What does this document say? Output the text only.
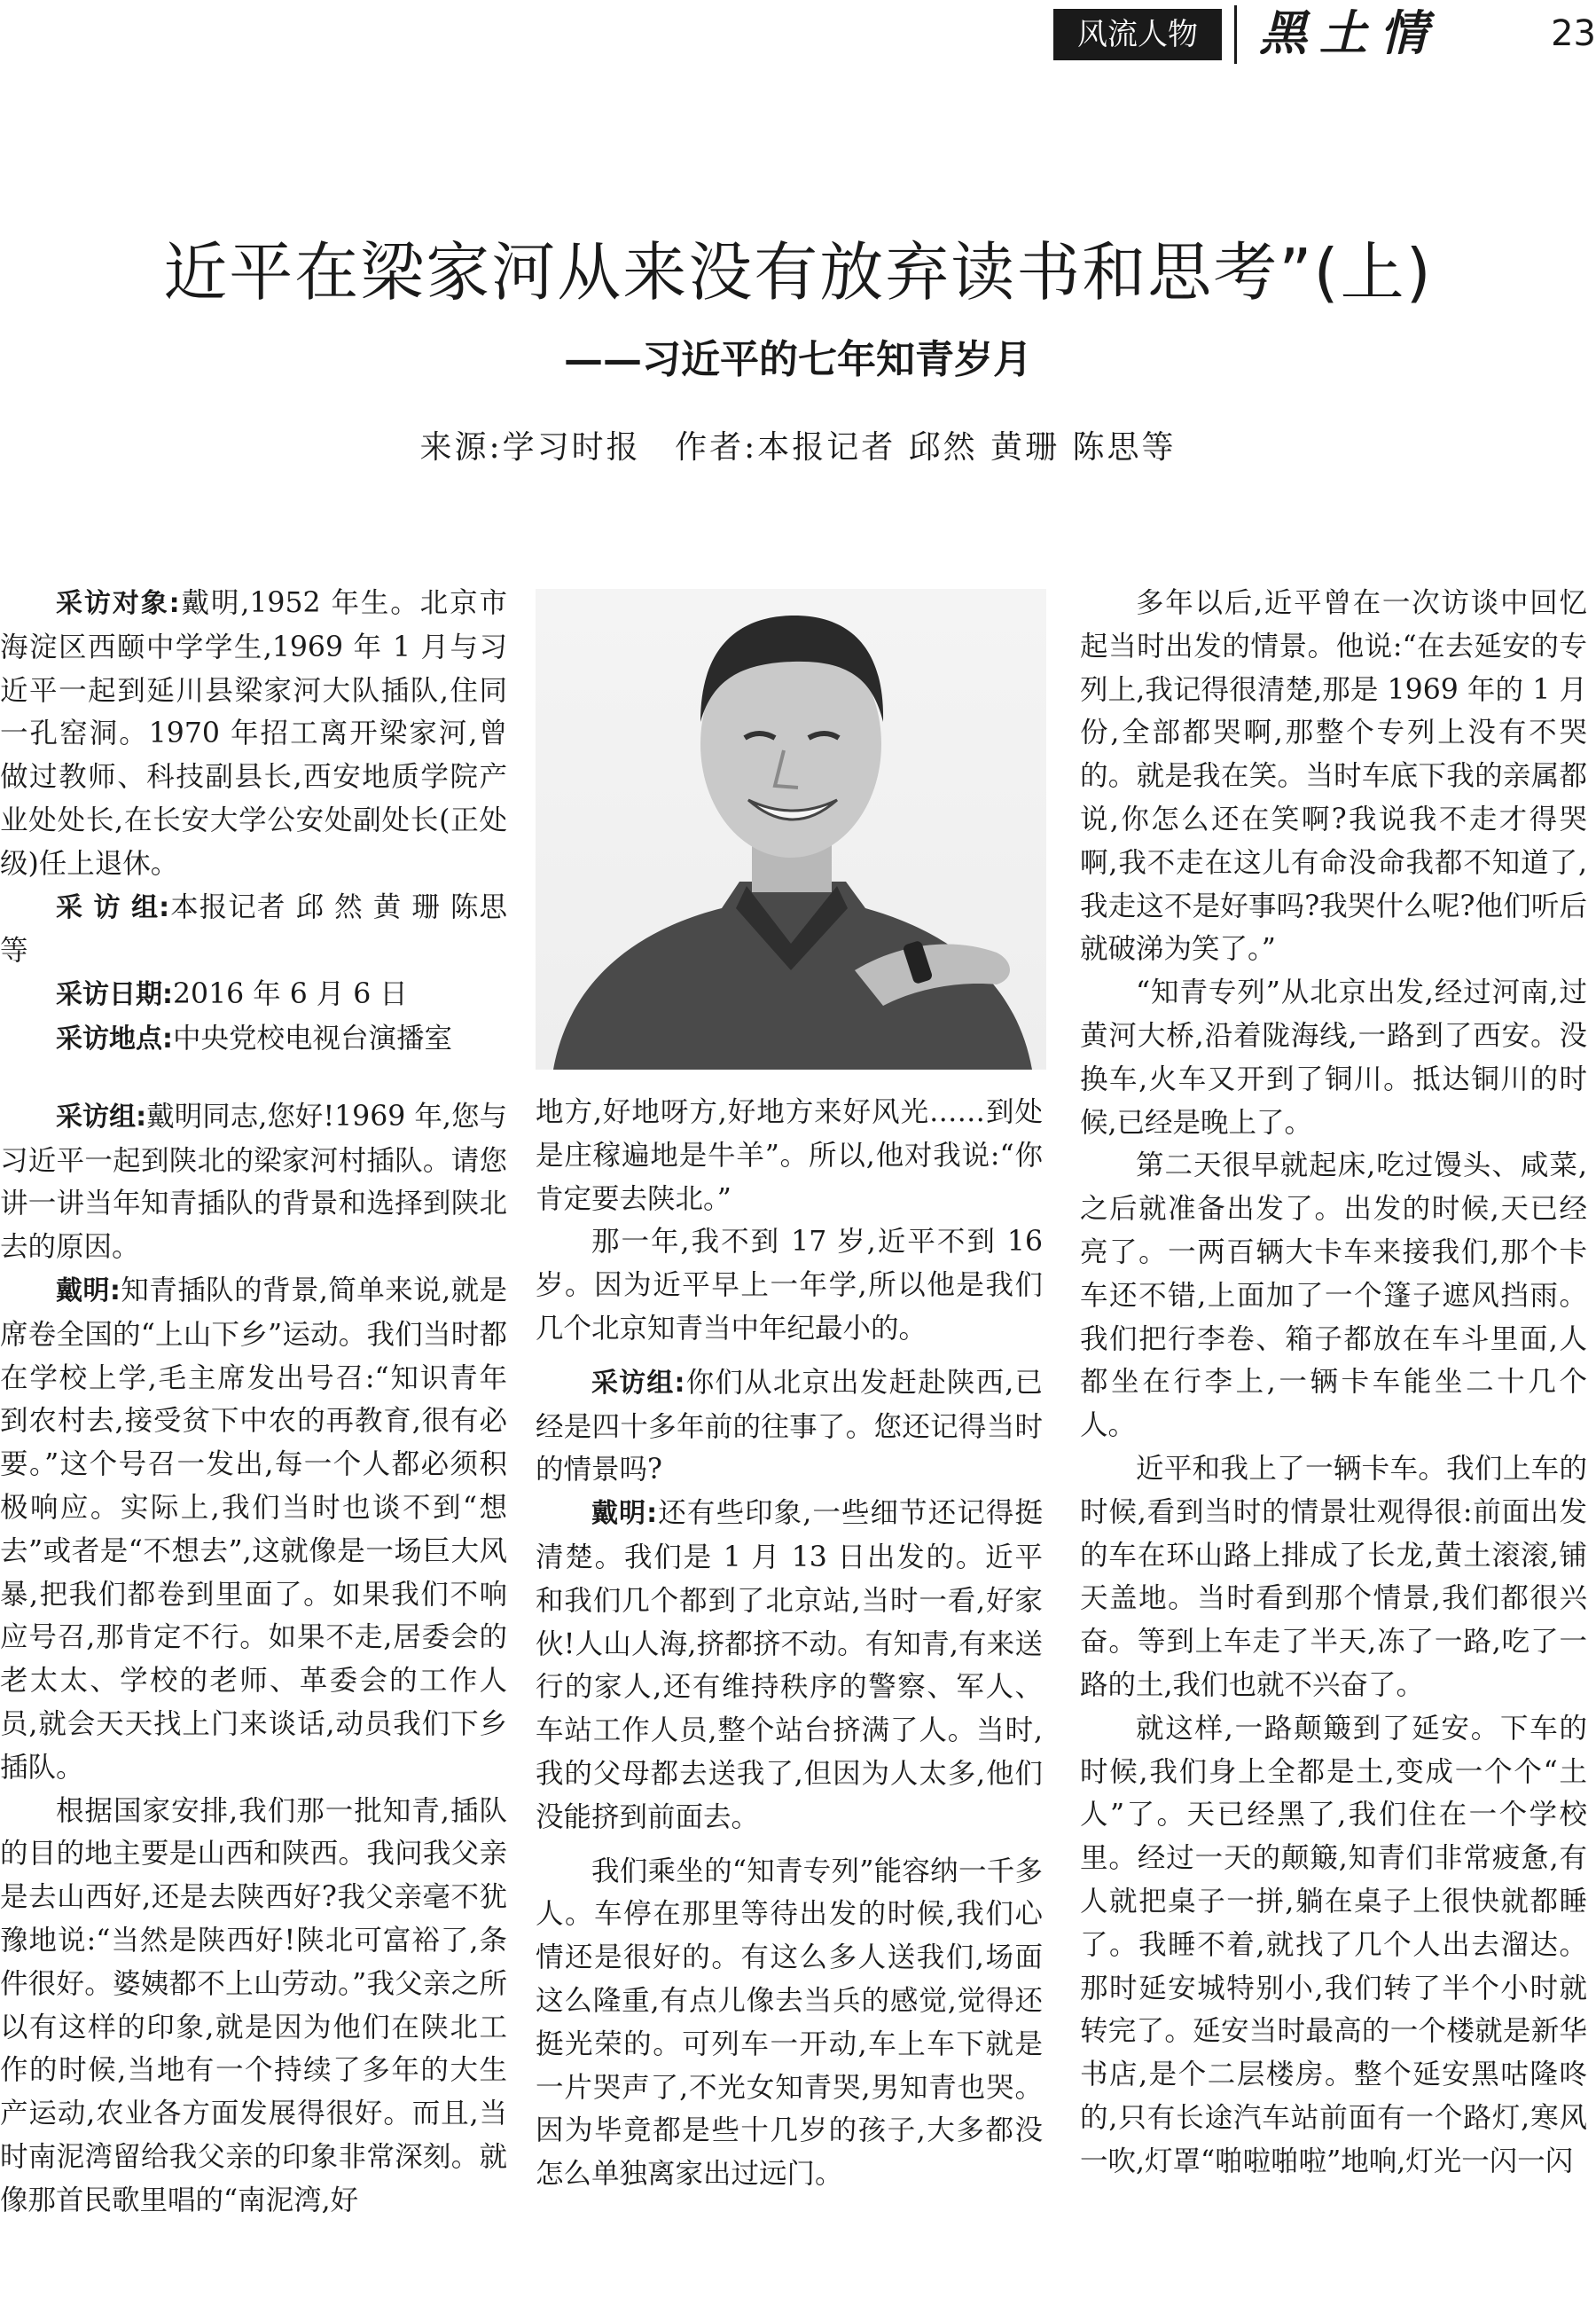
风流人物	黑土情	23
近平在梁家河从来没有放弃读书和思考”(上)
——习近平的七年知青岁月
来源:学习时报 作者:本报记者 邱然 黄珊 陈思等

采访对象:戴明,1952 年生。北京市海淀区西颐中学学生,1969 年 1 月与习近平一起到延川县梁家河大队插队,住同一孔窑洞。1970 年招工离开梁家河,曾做过教师、科技副县长,西安地质学院产业处处长,在长安大学公安处副处长(正处级)任上退休。

采 访 组:本报记者 邱 然 黄 珊 陈思 等

采访日期:2016 年 6 月 6 日

采访地点:中央党校电视台演播室

采访组:戴明同志,您好!1969 年,您与习近平一起到陕北的梁家河村插队。请您讲一讲当年知青插队的背景和选择到陕北去的原因。

戴明:知青插队的背景,简单来说,就是席卷全国的“上山下乡”运动。我们当时都在学校上学,毛主席发出号召:“知识青年到农村去,接受贫下中农的再教育,很有必要。”这个号召一发出,每一个人都必须积极响应。实际上,我们当时也谈不到“想去”或者是“不想去”,这就像是一场巨大风暴,把我们都卷到里面了。如果我们不响应号召,那肯定不行。如果不走,居委会的老太太、学校的老师、革委会的工作人员,就会天天找上门来谈话,动员我们下乡插队。

根据国家安排,我们那一批知青,插队的目的地主要是山西和陕西。我问我父亲是去山西好,还是去陕西好?我父亲毫不犹豫地说:“当然是陕西好!陕北可富裕了,条件很好。婆姨都不上山劳动。”我父亲之所以有这样的印象,就是因为他们在陕北工作的时候,当地有一个持续了多年的大生产运动,农业各方面发展得很好。而且,当时南泥湾留给我父亲的印象非常深刻。就像那首民歌里唱的“南泥湾,好

地方,好地呀方,好地方来好风光……到处是庄稼遍地是牛羊”。所以,他对我说:“你肯定要去陕北。”

那一年,我不到 17 岁,近平不到 16 岁。因为近平早上一年学,所以他是我们几个北京知青当中年纪最小的。

采访组:你们从北京出发赶赴陕西,已经是四十多年前的往事了。您还记得当时的情景吗?

戴明:还有些印象,一些细节还记得挺清楚。我们是 1 月 13 日出发的。近平和我们几个都到了北京站,当时一看,好家伙!人山人海,挤都挤不动。有知青,有来送行的家人,还有维持秩序的警察、军人、车站工作人员,整个站台挤满了人。当时,我的父母都去送我了,但因为人太多,他们没能挤到前面去。

我们乘坐的“知青专列”能容纳一千多人。车停在那里等待出发的时候,我们心情还是很好的。有这么多人送我们,场面这么隆重,有点儿像去当兵的感觉,觉得还挺光荣的。可列车一开动,车上车下就是一片哭声了,不光女知青哭,男知青也哭。因为毕竟都是些十几岁的孩子,大多都没怎么单独离家出过远门。

多年以后,近平曾在一次访谈中回忆起当时出发的情景。他说:“在去延安的专列上,我记得很清楚,那是 1969 年的 1 月份,全部都哭啊,那整个专列上没有不哭的。就是我在笑。当时车底下我的亲属都说,你怎么还在笑啊?我说我不走才得哭啊,我不走在这儿有命没命我都不知道了,我走这不是好事吗?我哭什么呢?他们听后就破涕为笑了。”

“知青专列”从北京出发,经过河南,过黄河大桥,沿着陇海线,一路到了西安。没换车,火车又开到了铜川。抵达铜川的时候,已经是晚上了。

第二天很早就起床,吃过馒头、咸菜,之后就准备出发了。出发的时候,天已经亮了。一两百辆大卡车来接我们,那个卡车还不错,上面加了一个篷子遮风挡雨。我们把行李卷、箱子都放在车斗里面,人都坐在行李上,一辆卡车能坐二十几个人。

近平和我上了一辆卡车。我们上车的时候,看到当时的情景壮观得很:前面出发的车在环山路上排成了长龙,黄土滚滚,铺天盖地。当时看到那个情景,我们都很兴奋。等到上车走了半天,冻了一路,吃了一路的土,我们也就不兴奋了。

就这样,一路颠簸到了延安。下车的时候,我们身上全都是土,变成一个个“土人”了。天已经黑了,我们住在一个学校里。经过一天的颠簸,知青们非常疲惫,有人就把桌子一拼,躺在桌子上很快就都睡了。我睡不着,就找了几个人出去溜达。那时延安城特别小,我们转了半个小时就转完了。延安当时最高的一个楼就是新华书店,是个二层楼房。整个延安黑咕隆咚的,只有长途汽车站前面有一个路灯,寒风一吹,灯罩“啪啦啪啦”地响,灯光一闪一闪
